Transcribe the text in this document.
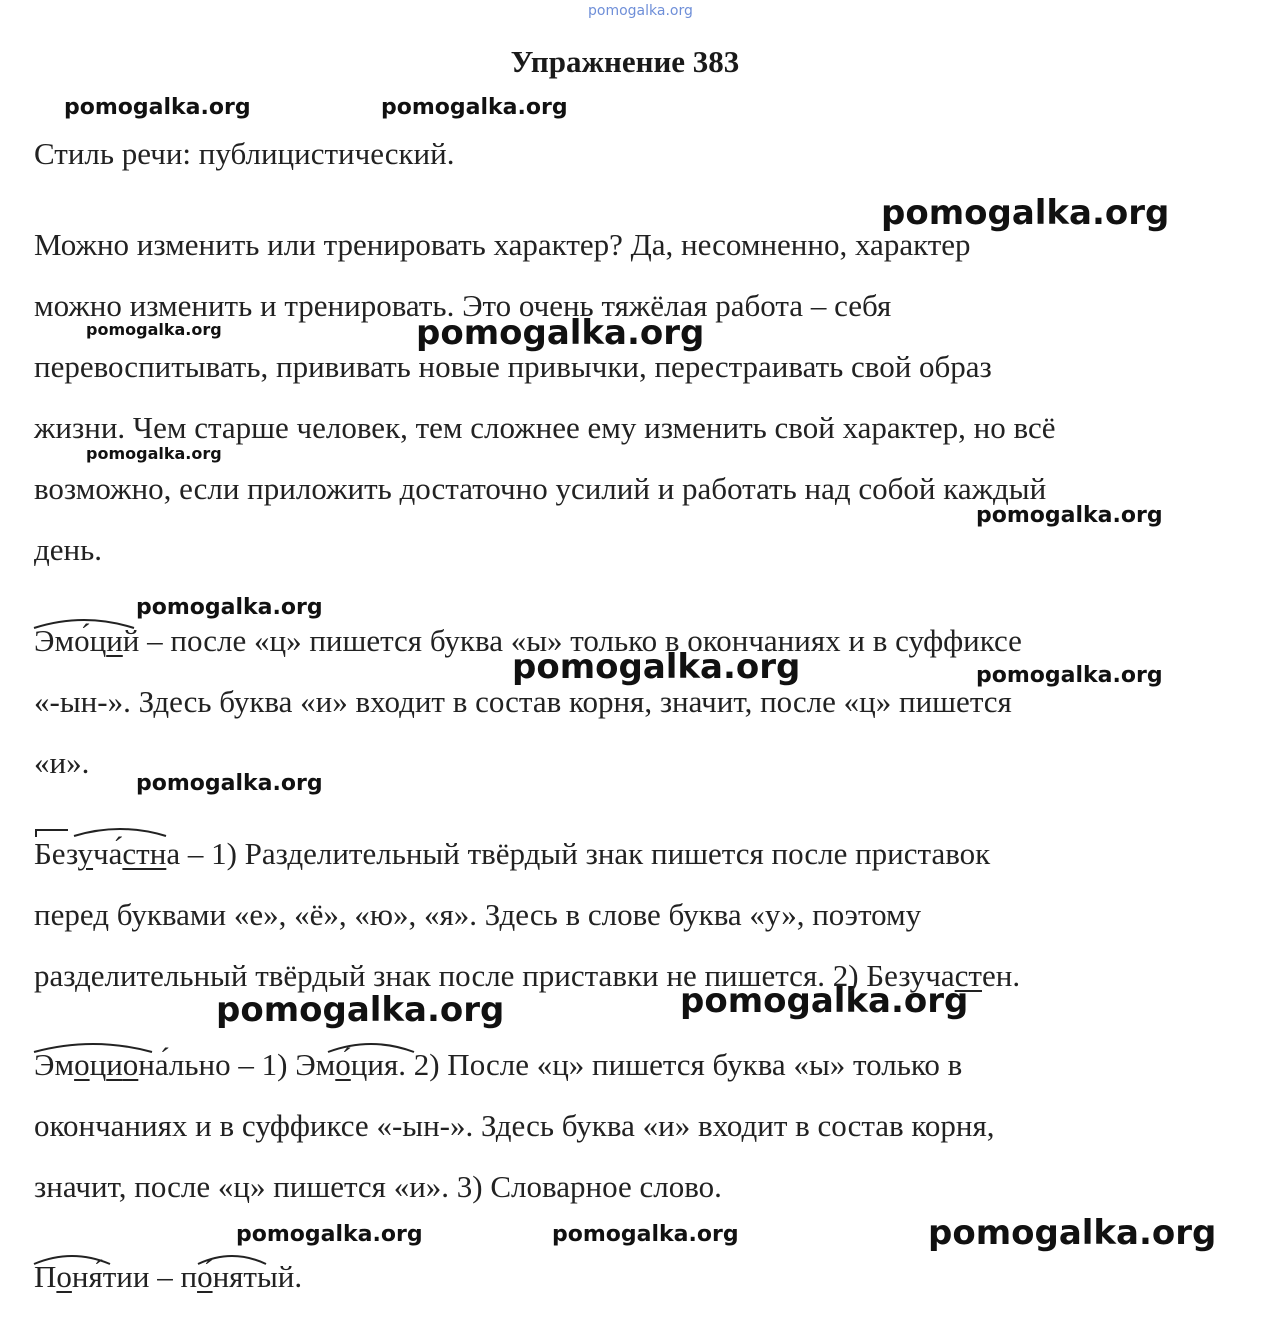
pomogalka.org
Упражнение 383
pomogalka.org	pomogalka.org
pomogalka.org
pomogalka.org
pomogalka.org
pomogalka.org
pomogalka.org
pomogalka.org
pomogalka.org	pomogalka.org
pomogalka.org
pomogalka.org	pomogalka.org
pomogalka.org	pomogalka.org	pomogalka.org
Стиль речи: публицистический.
Можно изменить или тренировать характер? Да, несомненно, характер
можно изменить и тренировать. Это очень тяжёлая работа – себя
перевоспитывать, прививать новые привычки, перестраивать свой образ
жизни. Чем старше человек, тем сложнее ему изменить свой характер, но всё
возможно, если приложить достаточно усилий и работать над собой каждый
день.
Эмо́ций – после «ц» пишется буква «ы» только в окончаниях и в суффиксе
«-ын-». Здесь буква «и» входит в состав корня, значит, после «ц» пишется
«и».
Безуча́стна – 1) Разделительный твёрдый знак пишется после приставок
перед буквами «е», «ё», «ю», «я». Здесь в слове буква «у», поэтому
разделительный твёрдый знак после приставки не пишется. 2) Безучастен.
Эмоциона́льно – 1) Эмо́ция. 2) После «ц» пишется буква «ы» только в
окончаниях и в суффиксе «-ын-». Здесь буква «и» входит в состав корня,
значит, после «ц» пишется «и». 3) Словарное слово.
Поня́тии – по́нятый.
